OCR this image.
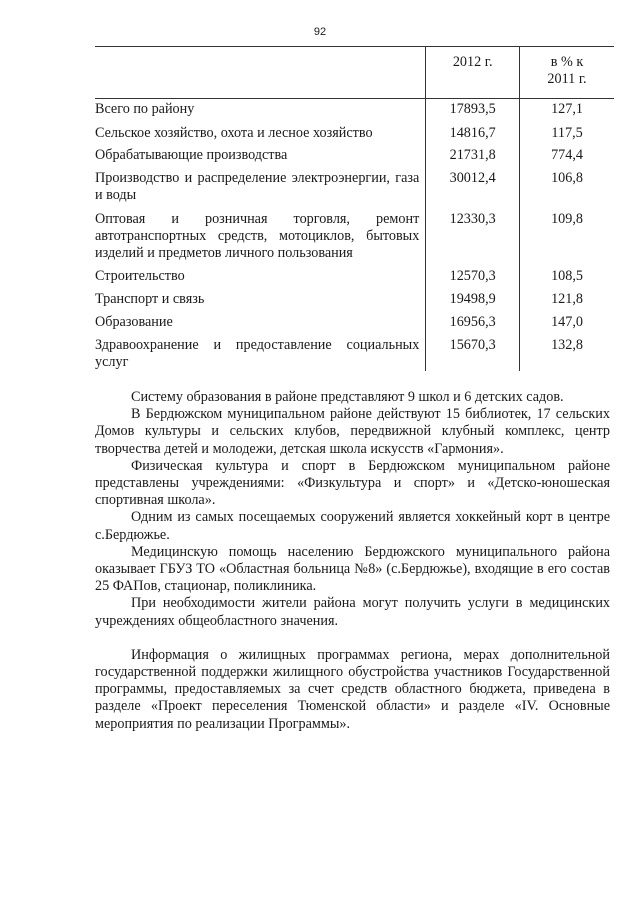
92
	2012 г.	в % к 2011 г.

Всего по району	17893,5	127,1

Сельское хозяйство, охота и лесное хозяйство	14816,7	117,5

Обрабатывающие производства	21731,8	774,4

Производство и распределение электроэнергии, газа и воды	30012,4	106,8

Оптовая и розничная торговля, ремонт автотранспортных средств, мотоциклов, бытовых изделий и предметов личного пользования	12330,3	109,8

Строительство	12570,3	108,5

Транспорт и связь	19498,9	121,8

Образование	16956,3	147,0

Здравоохранение и предоставление социальных услуг	15670,3	132,8

Систему образования в районе представляют 9 школ и 6 детских садов.

В Бердюжском муниципальном районе действуют 15 библиотек, 17 сельских Домов культуры и сельских клубов, передвижной клубный комплекс, центр творчества детей и молодежи, детская школа искусств «Гармония».

Физическая культура и спорт в Бердюжском муниципальном районе представлены учреждениями: «Физкультура и спорт» и «Детско-юношеская спортивная школа».

Одним из самых посещаемых сооружений является хоккейный корт в центре с.Бердюжье.

Медицинскую помощь населению Бердюжского муниципального района оказывает ГБУЗ ТО «Областная больница №8» (с.Бердюжье), входящие в его состав 25 ФАПов, стационар, поликлиника.

При необходимости жители района могут получить услуги в медицинских учреждениях общеобластного значения.

Информация о жилищных программах региона, мерах дополнительной государственной поддержки жилищного обустройства участников Государственной программы, предоставляемых за счет средств областного бюджета, приведена в разделе «Проект переселения Тюменской области» и разделе «IV. Основные мероприятия по реализации Программы».
